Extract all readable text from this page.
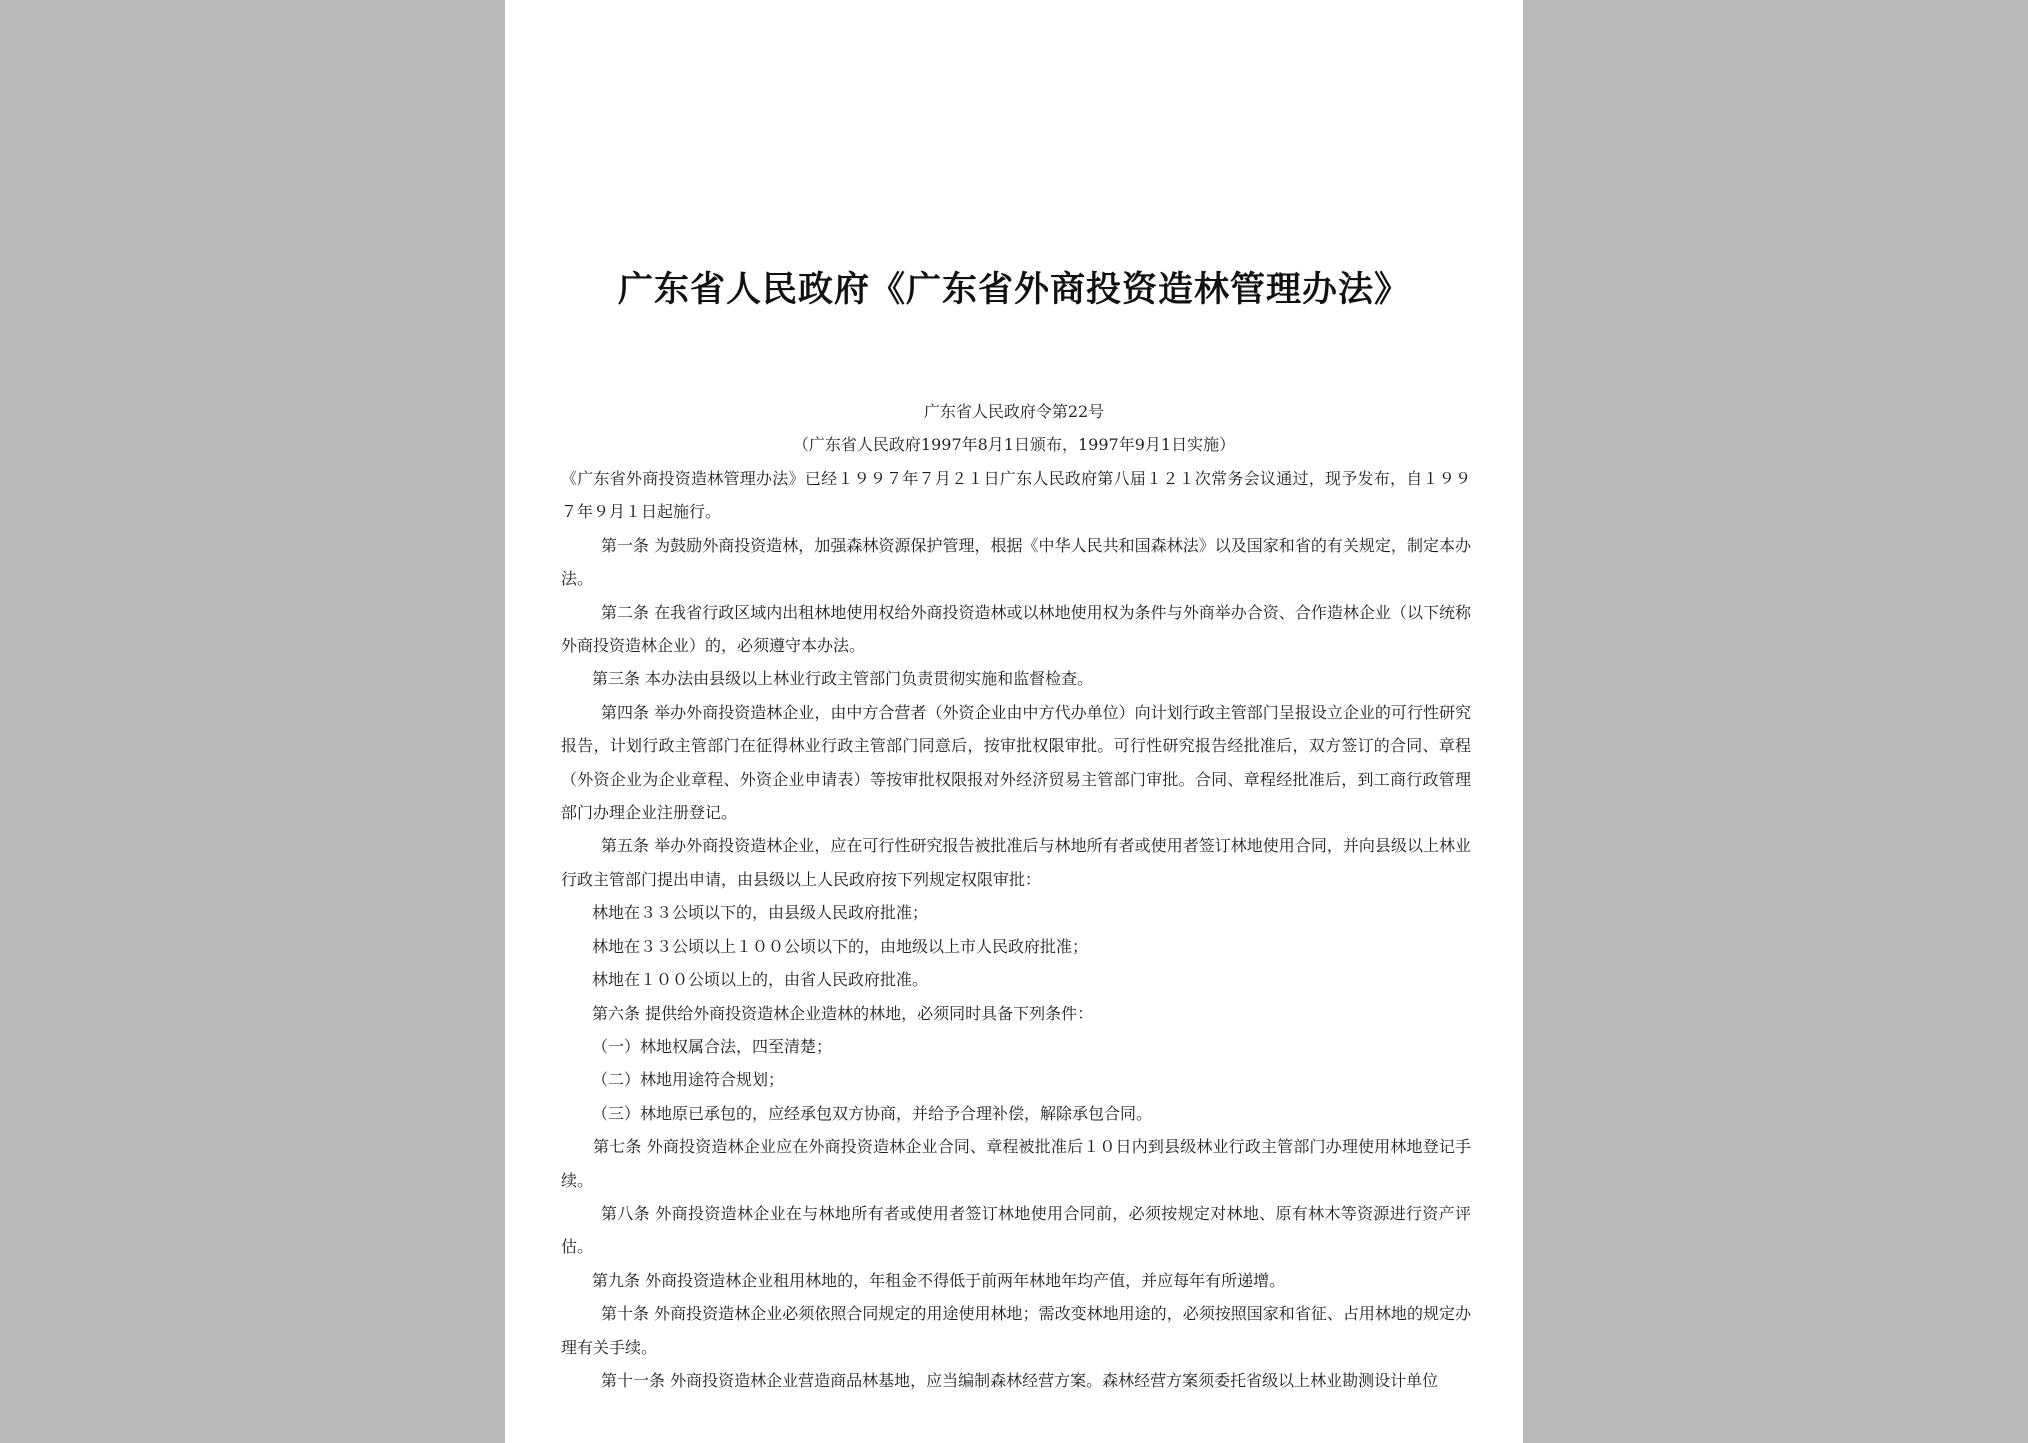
广东省人民政府《广东省外商投资造林管理办法》
广东省人民政府令第22号
（广东省人民政府1997年8月1日颁布，1997年9月1日实施）

《广东省外商投资造林管理办法》已经１９９７年７月２１日广东人民政府第八届１２１次常务会议通过，现予发布，自１９９７年９月１日起施行。

第一条 为鼓励外商投资造林，加强森林资源保护管理，根据《中华人民共和国森林法》以及国家和省的有关规定，制定本办法。

第二条 在我省行政区域内出租林地使用权给外商投资造林或以林地使用权为条件与外商举办合资、合作造林企业（以下统称外商投资造林企业）的，必须遵守本办法。

第三条 本办法由县级以上林业行政主管部门负责贯彻实施和监督检查。

第四条 举办外商投资造林企业，由中方合营者（外资企业由中方代办单位）向计划行政主管部门呈报设立企业的可行性研究报告，计划行政主管部门在征得林业行政主管部门同意后，按审批权限审批。可行性研究报告经批准后，双方签订的合同、章程（外资企业为企业章程、外资企业申请表）等按审批权限报对外经济贸易主管部门审批。合同、章程经批准后，到工商行政管理部门办理企业注册登记。

第五条 举办外商投资造林企业，应在可行性研究报告被批准后与林地所有者或使用者签订林地使用合同，并向县级以上林业行政主管部门提出申请，由县级以上人民政府按下列规定权限审批：

林地在３３公顷以下的，由县级人民政府批准；

林地在３３公顷以上１００公顷以下的，由地级以上市人民政府批准；

林地在１００公顷以上的，由省人民政府批准。

第六条 提供给外商投资造林企业造林的林地，必须同时具备下列条件：

（一）林地权属合法，四至清楚；

（二）林地用途符合规划；

（三）林地原已承包的，应经承包双方协商，并给予合理补偿，解除承包合同。

第七条 外商投资造林企业应在外商投资造林企业合同、章程被批准后１０日内到县级林业行政主管部门办理使用林地登记手续。

第八条 外商投资造林企业在与林地所有者或使用者签订林地使用合同前，必须按规定对林地、原有林木等资源进行资产评估。

第九条 外商投资造林企业租用林地的，年租金不得低于前两年林地年均产值，并应每年有所递增。

第十条 外商投资造林企业必须依照合同规定的用途使用林地；需改变林地用途的，必须按照国家和省征、占用林地的规定办理有关手续。

第十一条 外商投资造林企业营造商品林基地，应当编制森林经营方案。森林经营方案须委托省级以上林业勘测设计单位
